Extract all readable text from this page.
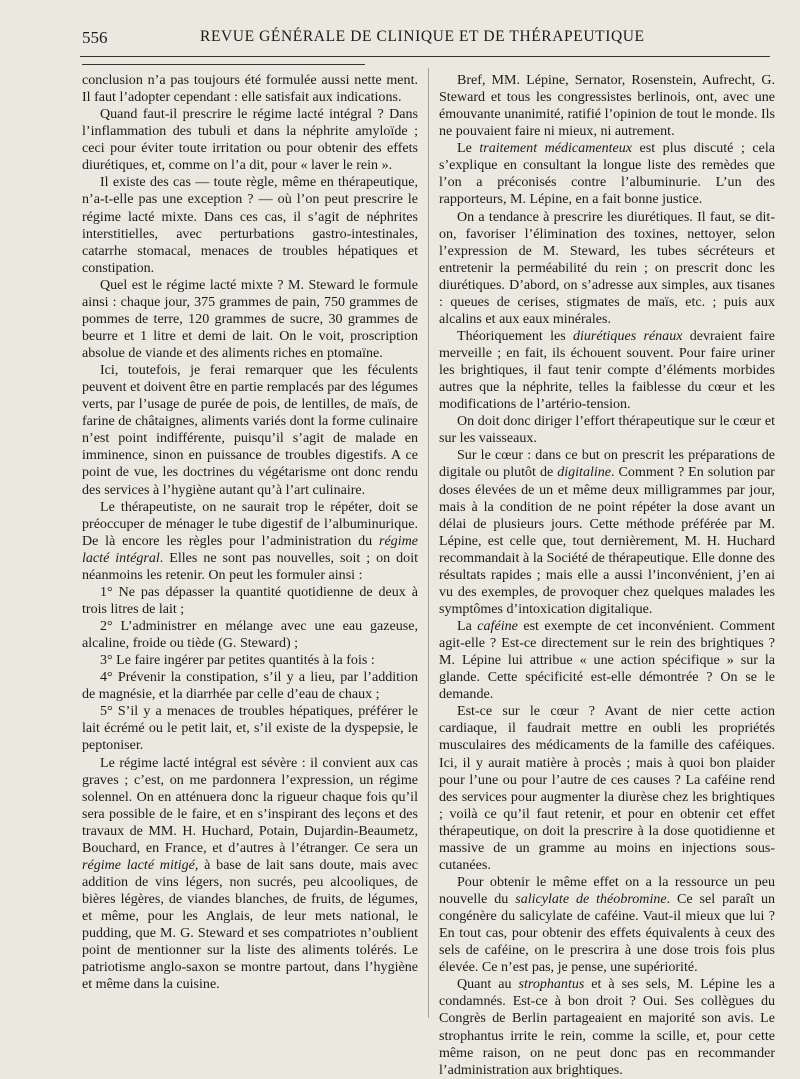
556	REVUE GÉNÉRALE DE CLINIQUE ET DE THÉRAPEUTIQUE

conclusion n’a pas toujours été formulée aussi nette ment. Il faut l’adopter cependant : elle satisfait aux indications.

Quand faut-il prescrire le régime lacté intégral ? Dans l’inflammation des tubuli et dans la néphrite amyloïde ; ceci pour éviter toute irritation ou pour obtenir des effets diurétiques, et, comme on l’a dit, pour « laver le rein ».

Il existe des cas — toute règle, même en thérapeutique, n’a-t-elle pas une exception ? — où l’on peut prescrire le régime lacté mixte. Dans ces cas, il s’agit de néphrites interstitielles, avec perturbations gastro-intestinales, catarrhe stomacal, menaces de troubles hépatiques et constipation.

Quel est le régime lacté mixte ? M. Steward le formule ainsi : chaque jour, 375 grammes de pain, 750 grammes de pommes de terre, 120 grammes de sucre, 30 grammes de beurre et 1 litre et demi de lait. On le voit, proscription absolue de viande et des aliments riches en ptomaïne.

Ici, toutefois, je ferai remarquer que les féculents peuvent et doivent être en partie remplacés par des légumes verts, par l’usage de purée de pois, de lentilles, de maïs, de farine de châtaignes, aliments variés dont la forme culinaire n’est point indifférente, puisqu’il s’agit de malade en imminence, sinon en puissance de troubles digestifs. A ce point de vue, les doctrines du végétarisme ont donc rendu des services à l’hygiène autant qu’à l’art culinaire.

Le thérapeutiste, on ne saurait trop le répéter, doit se préoccuper de ménager le tube digestif de l’albuminurique. De là encore les règles pour l’administration du régime lacté intégral. Elles ne sont pas nouvelles, soit ; on doit néanmoins les retenir. On peut les formuler ainsi :

1° Ne pas dépasser la quantité quotidienne de deux à trois litres de lait ;

2° L’administrer en mélange avec une eau gazeuse, alcaline, froide ou tiède (G. Steward) ;

3° Le faire ingérer par petites quantités à la fois :

4° Prévenir la constipation, s’il y a lieu, par l’addition de magnésie, et la diarrhée par celle d’eau de chaux ;

5° S’il y a menaces de troubles hépatiques, préférer le lait écrémé ou le petit lait, et, s’il existe de la dyspepsie, le peptoniser.

Le régime lacté intégral est sévère : il convient aux cas graves ; c’est, on me pardonnera l’expression, un régime solennel. On en atténuera donc la rigueur chaque fois qu’il sera possible de le faire, et en s’inspirant des leçons et des travaux de MM. H. Huchard, Potain, Dujardin-Beaumetz, Bouchard, en France, et d’autres à l’étranger. Ce sera un régime lacté mitigé, à base de lait sans doute, mais avec addition de vins légers, non sucrés, peu alcooliques, de bières légères, de viandes blanches, de fruits, de légumes, et même, pour les Anglais, de leur mets national, le pudding, que M. G. Steward et ses compatriotes n’oublient point de mentionner sur la liste des aliments tolérés. Le patriotisme anglo-saxon se montre partout, dans l’hygiène et même dans la cuisine.

Bref, MM. Lépine, Sernator, Rosenstein, Aufrecht, G. Steward et tous les congressistes berlinois, ont, avec une émouvante unanimité, ratifié l’opinion de tout le monde. Ils ne pouvaient faire ni mieux, ni autrement.

Le traitement médicamenteux est plus discuté ; cela s’explique en consultant la longue liste des remèdes que l’on a préconisés contre l’albuminurie. L’un des rapporteurs, M. Lépine, en a fait bonne justice.

On a tendance à prescrire les diurétiques. Il faut, se dit-on, favoriser l’élimination des toxines, nettoyer, selon l’expression de M. Steward, les tubes sécréteurs et entretenir la perméabilité du rein ; on prescrit donc les diurétiques. D’abord, on s’adresse aux simples, aux tisanes : queues de cerises, stigmates de maïs, etc. ; puis aux alcalins et aux eaux minérales.

Théoriquement les diurétiques rénaux devraient faire merveille ; en fait, ils échouent souvent. Pour faire uriner les brightiques, il faut tenir compte d’éléments morbides autres que la néphrite, telles la faiblesse du cœur et les modifications de l’artério-tension.

On doit donc diriger l’effort thérapeutique sur le cœur et sur les vaisseaux.

Sur le cœur : dans ce but on prescrit les préparations de digitale ou plutôt de digitaline. Comment ? En solution par doses élevées de un et même deux milligrammes par jour, mais à la condition de ne point répéter la dose avant un délai de plusieurs jours. Cette méthode préférée par M. Lépine, est celle que, tout dernièrement, M. H. Huchard recommandait à la Société de thérapeutique. Elle donne des résultats rapides ; mais elle a aussi l’inconvénient, j’en ai vu des exemples, de provoquer chez quelques malades les symptômes d’intoxication digitalique.

La caféine est exempte de cet inconvénient. Comment agit-elle ? Est-ce directement sur le rein des brightiques ? M. Lépine lui attribue « une action spécifique » sur la glande. Cette spécificité est-elle démontrée ? On se le demande.

Est-ce sur le cœur ? Avant de nier cette action cardiaque, il faudrait mettre en oubli les propriétés musculaires des médicaments de la famille des caféiques. Ici, il y aurait matière à procès ; mais à quoi bon plaider pour l’une ou pour l’autre de ces causes ? La caféine rend des services pour augmenter la diurèse chez les brightiques ; voilà ce qu’il faut retenir, et pour en obtenir cet effet thérapeutique, on doit la prescrire à la dose quotidienne et massive de un gramme au moins en injections sous-cutanées.

Pour obtenir le même effet on a la ressource un peu nouvelle du salicylate de théobromine. Ce sel paraît un congénère du salicylate de caféine. Vaut-il mieux que lui ? En tout cas, pour obtenir des effets équivalents à ceux des sels de caféine, on le prescrira à une dose trois fois plus élevée. Ce n’est pas, je pense, une supériorité.

Quant au strophantus et à ses sels, M. Lépine les a condamnés. Est-ce à bon droit ? Oui. Ses collègues du Congrès de Berlin partageaient en majorité son avis. Le strophantus irrite le rein, comme la scille, et, pour cette même raison, on ne peut donc pas en recommander l’administration aux brightiques.
